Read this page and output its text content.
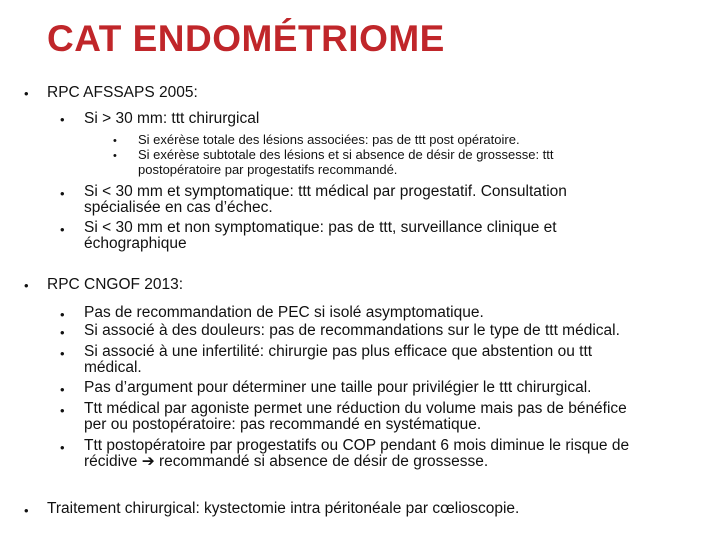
CAT ENDOMÉTRIOME
• RPC AFSSAPS 2005:
• Si > 30 mm: ttt chirurgical
• Si exérèse totale des lésions associées: pas de ttt post opératoire.
• Si exérèse subtotale des lésions et si absence de désir de grossesse: ttt
postopératoire par progestatifs recommandé.
• Si < 30 mm et symptomatique: ttt médical par progestatif. Consultation
spécialisée en cas d’échec.
• Si < 30 mm et non symptomatique: pas de ttt, surveillance clinique et
échographique
• RPC CNGOF 2013:
• Pas de recommandation de PEC si isolé asymptomatique.
• Si associé à des douleurs: pas de recommandations sur le type de ttt médical.
• Si associé à une infertilité: chirurgie pas plus efficace que abstention ou ttt
médical.
• Pas d’argument pour déterminer une taille pour privilégier le ttt chirurgical.
• Ttt médical par agoniste permet une réduction du volume mais pas de bénéfice
per ou postopératoire: pas recommandé en systématique.
• Ttt postopératoire par progestatifs ou COP pendant 6 mois diminue le risque de
récidive ➔ recommandé si absence de désir de grossesse.
• Traitement chirurgical: kystectomie intra péritonéale par cœlioscopie.
